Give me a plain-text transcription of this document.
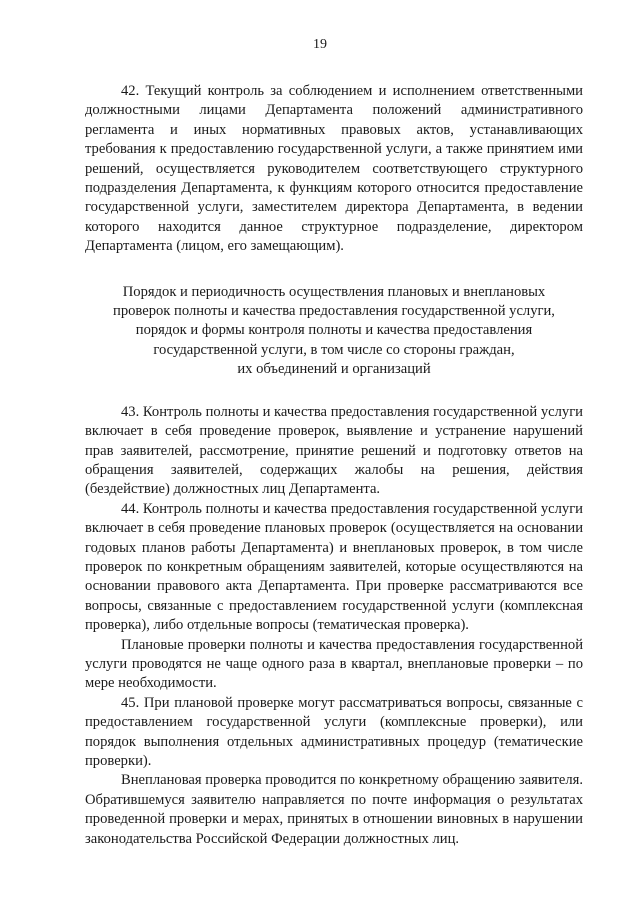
19

42. Текущий контроль за соблюдением и исполнением ответственными должностными лицами Департамента положений административного регламента и иных нормативных правовых актов, устанавливающих требования к предоставлению государственной услуги, а также принятием ими решений, осуществляется руководителем соответствующего структурного подразделения Департамента, к функциям которого относится предоставление государственной услуги, заместителем директора Департамента, в ведении которого находится данное структурное подразделение, директором Департамента (лицом, его замещающим).

Порядок и периодичность осуществления плановых и внеплановых

проверок полноты и качества предоставления государственной услуги,

порядок и формы контроля полноты и качества предоставления

государственной услуги, в том числе со стороны граждан,

их объединений и организаций

43. Контроль полноты и качества предоставления государственной услуги включает в себя проведение проверок, выявление и устранение нарушений прав заявителей, рассмотрение, принятие решений и подготовку ответов на обращения заявителей, содержащих жалобы на решения, действия (бездействие) должностных лиц Департамента.

44. Контроль полноты и качества предоставления государственной услуги включает в себя проведение плановых проверок (осуществляется на основании годовых планов работы Департамента) и внеплановых проверок, в том числе проверок по конкретным обращениям заявителей, которые осуществляются на основании правового акта Департамента. При проверке рассматриваются все вопросы, связанные с предоставлением государственной услуги (комплексная проверка), либо отдельные вопросы (тематическая проверка).

Плановые проверки полноты и качества предоставления государственной услуги проводятся не чаще одного раза в квартал, внеплановые проверки – по мере необходимости.

45. При плановой проверке могут рассматриваться вопросы, связанные с предоставлением государственной услуги (комплексные проверки), или порядок выполнения отдельных административных процедур (тематические проверки).

Внеплановая проверка проводится по конкретному обращению заявителя. Обратившемуся заявителю направляется по почте информация о результатах проведенной проверки и мерах, принятых в отношении виновных в нарушении законодательства Российской Федерации должностных лиц.
